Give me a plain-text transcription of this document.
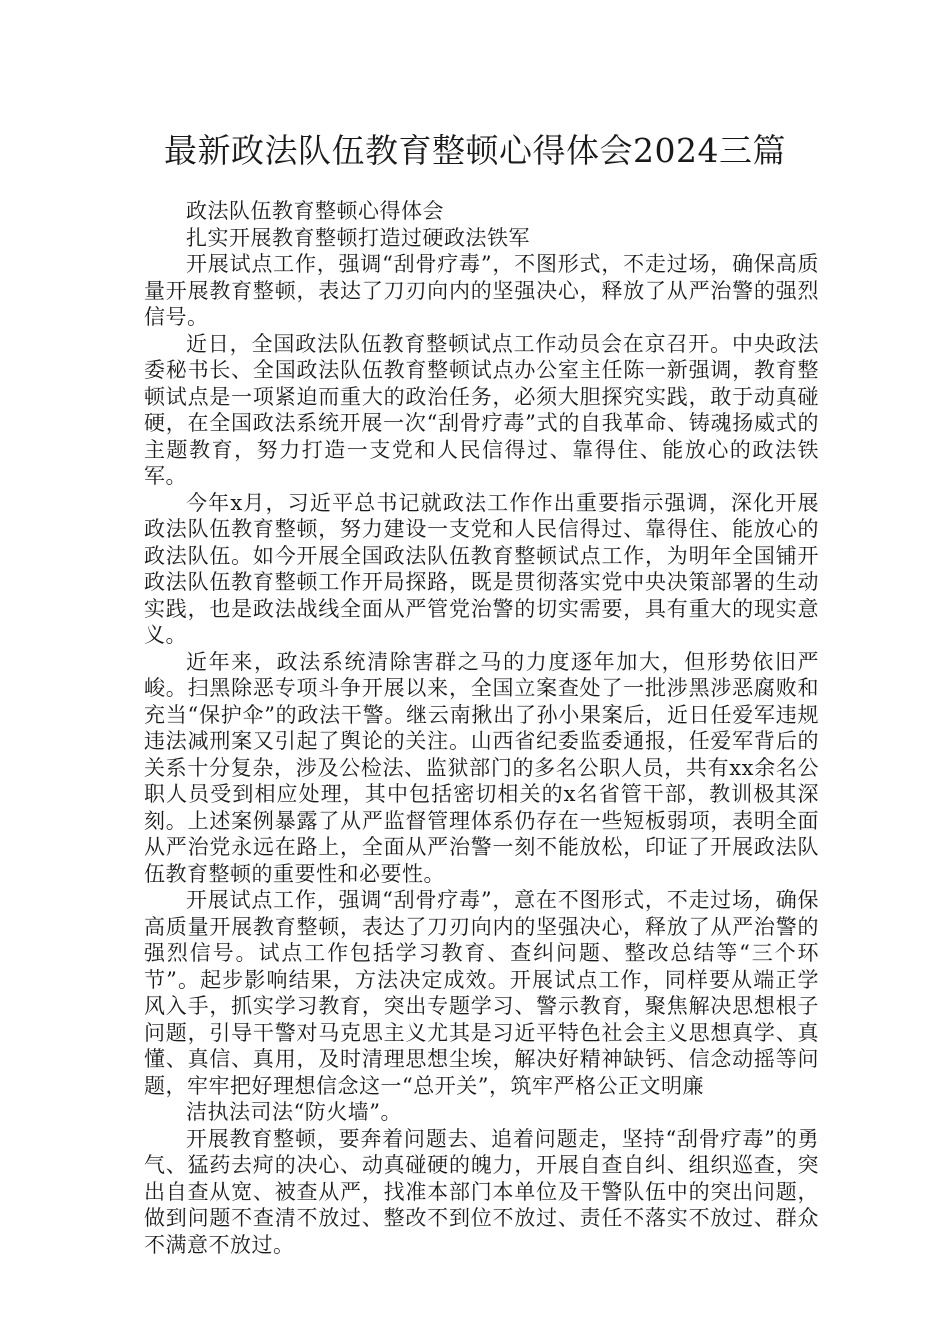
最新政法队伍教育整顿心得体会2024三篇

政法队伍教育整顿心得体会

扎实开展教育整顿打造过硬政法铁军

开展试点工作，强调“刮骨疗毒”，不图形式，不走过场，确保高质量开展教育整顿，表达了刀刃向内的坚强决心，释放了从严治警的强烈信号。

近日，全国政法队伍教育整顿试点工作动员会在京召开。中央政法委秘书长、全国政法队伍教育整顿试点办公室主任陈一新强调，教育整顿试点是一项紧迫而重大的政治任务，必须大胆探究实践，敢于动真碰硬，在全国政法系统开展一次“刮骨疗毒”式的自我革命、铸魂扬威式的主题教育，努力打造一支党和人民信得过、靠得住、能放心的政法铁军。

今年x月，习近平总书记就政法工作作出重要指示强调，深化开展政法队伍教育整顿，努力建设一支党和人民信得过、靠得住、能放心的政法队伍。如今开展全国政法队伍教育整顿试点工作，为明年全国铺开政法队伍教育整顿工作开局探路，既是贯彻落实党中央决策部署的生动实践，也是政法战线全面从严管党治警的切实需要，具有重大的现实意义。

近年来，政法系统清除害群之马的力度逐年加大，但形势依旧严峻。扫黑除恶专项斗争开展以来，全国立案查处了一批涉黑涉恶腐败和充当“保护伞”的政法干警。继云南揪出了孙小果案后，近日任爱军违规违法减刑案又引起了舆论的关注。山西省纪委监委通报，任爱军背后的关系十分复杂，涉及公检法、监狱部门的多名公职人员，共有xx余名公职人员受到相应处理，其中包括密切相关的x名省管干部，教训极其深刻。上述案例暴露了从严监督管理体系仍存在一些短板弱项，表明全面从严治党永远在路上，全面从严治警一刻不能放松，印证了开展政法队伍教育整顿的重要性和必要性。

开展试点工作，强调“刮骨疗毒”，意在不图形式，不走过场，确保高质量开展教育整顿，表达了刀刃向内的坚强决心，释放了从严治警的强烈信号。试点工作包括学习教育、查纠问题、整改总结等“三个环节”。起步影响结果，方法决定成效。开展试点工作，同样要从端正学风入手，抓实学习教育，突出专题学习、警示教育，聚焦解决思想根子问题，引导干警对马克思主义尤其是习近平特色社会主义思想真学、真懂、真信、真用，及时清理思想尘埃，解决好精神缺钙、信念动摇等问题，牢牢把好理想信念这一“总开关”，筑牢严格公正文明廉

洁执法司法“防火墙”。

开展教育整顿，要奔着问题去、追着问题走，坚持“刮骨疗毒”的勇气、猛药去疴的决心、动真碰硬的魄力，开展自查自纠、组织巡查，突出自查从宽、被查从严，找准本部门本单位及干警队伍中的突出问题，做到问题不查清不放过、整改不到位不放过、责任不落实不放过、群众不满意不放过。
